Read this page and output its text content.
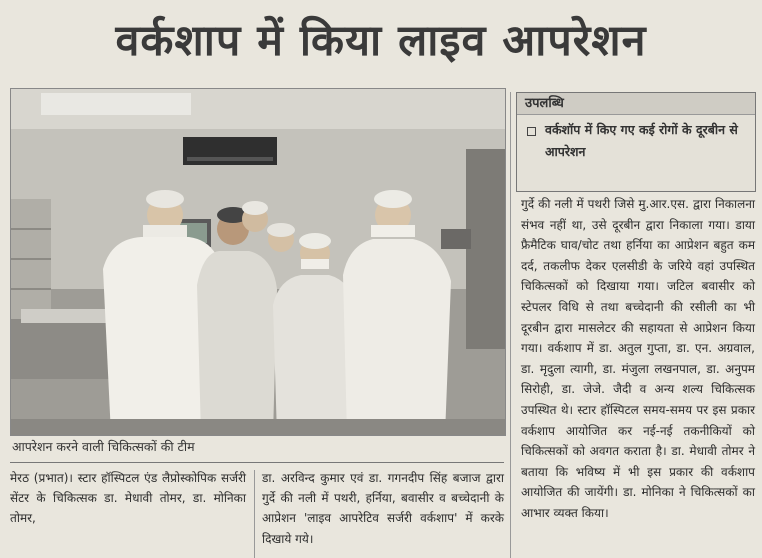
वर्कशाप में किया लाइव आपरेशन
आपरेशन करने वाली चिकित्सकों की टीम
मेरठ (प्रभात)। स्टार हॉस्पिटल एंड लैप्रोस्कोपिक सर्जरी सेंटर के चिकित्सक डा. मेधावी तोमर, डा. मोनिका तोमर,
डा. अरविन्द कुमार एवं डा. गगनदीप सिंह बजाज द्वारा गुर्दे की नली में पथरी, हर्निया, बवासीर व बच्चेदानी के आप्रेशन 'लाइव आपरेटिव सर्जरी वर्कशाप' में करके दिखाये गये।
उपलब्धि
वर्कशॉप में किए गए कई रोगों के दूरबीन से आपरेशन
गुर्दे की नली में पथरी जिसे मु.आर.एस. द्वारा निकालना संभव नहीं था, उसे दूरबीन द्वारा निकाला गया। डाया फ्रैमैटिक घाव/चोट तथा हर्निया का आप्रेशन बहुत कम दर्द, तकलीफ देकर एलसीडी के जरिये वहां उपस्थित चिकित्सकों को दिखाया गया। जटिल बवासीर को स्टेपलर विधि से तथा बच्चेदानी की रसीली का भी दूरबीन द्वारा मासलेटर की सहायता से आप्रेशन किया गया। वर्कशाप में डा. अतुल गुप्ता, डा. एन. अग्रवाल, डा. मृदुला त्यागी, डा. मंजुला लखनपाल, डा. अनुपम सिरोही, डा. जेजे. जैदी व अन्य शल्य चिकित्सक उपस्थित थे। स्टार हॉस्पिटल समय-समय पर इस प्रकार वर्कशाप आयोजित कर नई-नई तकनीकियों को चिकित्सकों को अवगत कराता है। डा. मेधावी तोमर ने बताया कि भविष्य में भी इस प्रकार की वर्कशाप आयोजित की जायेंगी। डा. मोनिका ने चिकित्सकों का आभार व्यक्त किया।
